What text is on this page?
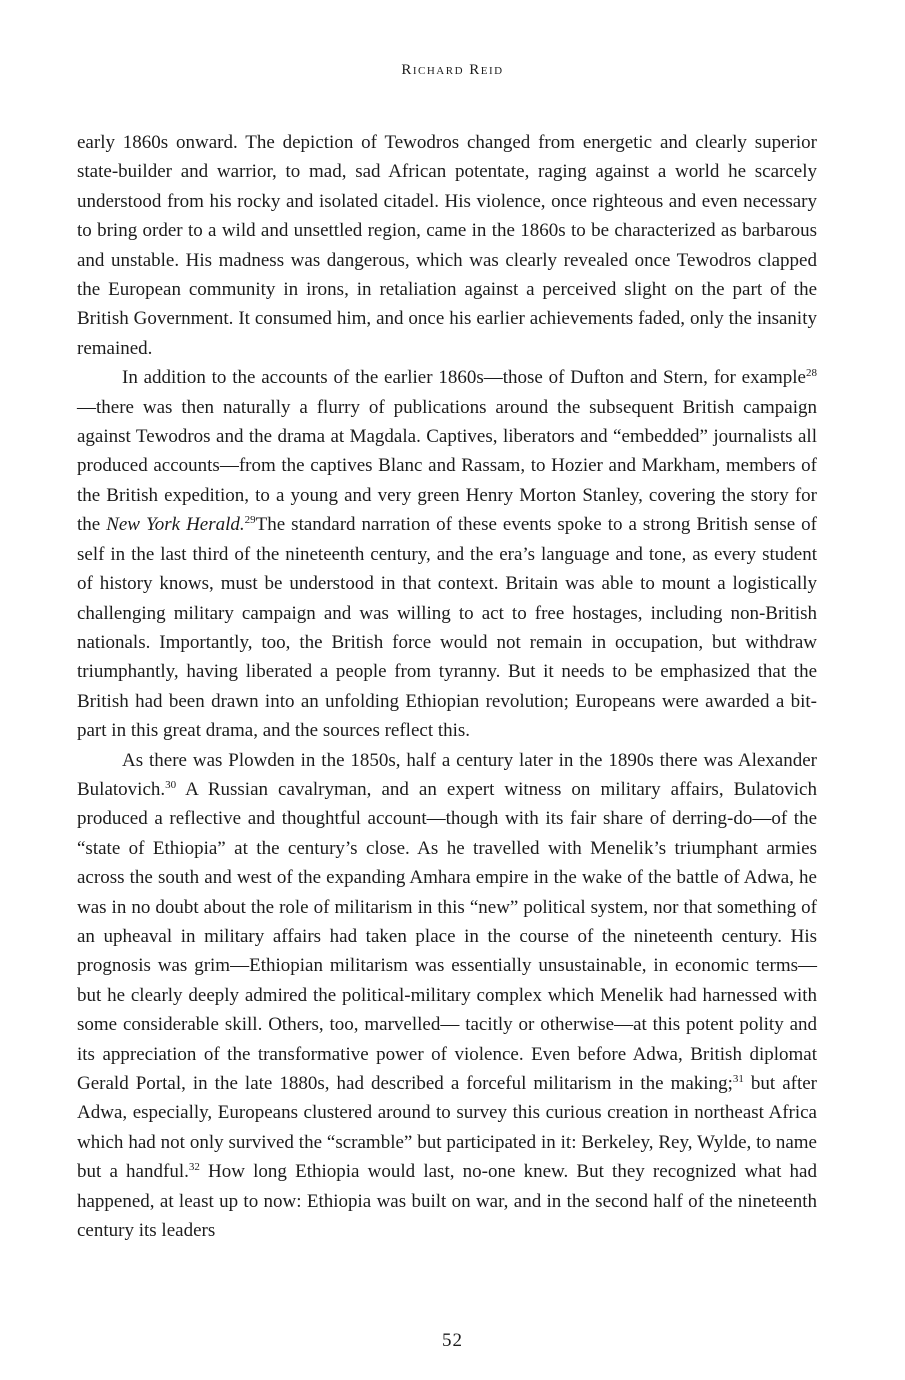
Richard Reid

early 1860s onward. The depiction of Tewodros changed from energetic and clearly superior state-builder and warrior, to mad, sad African potentate, raging against a world he scarcely understood from his rocky and isolated citadel. His violence, once righteous and even necessary to bring order to a wild and unsettled region, came in the 1860s to be characterized as barbarous and unstable. His madness was dangerous, which was clearly revealed once Tewodros clapped the European community in irons, in retaliation against a perceived slight on the part of the British Government. It consumed him, and once his earlier achievements faded, only the insanity remained.

In addition to the accounts of the earlier 1860s—those of Dufton and Stern, for example$^{28}$—there was then naturally a flurry of publications around the subsequent British campaign against Tewodros and the drama at Magdala. Captives, liberators and “embedded” journalists all produced accounts—from the captives Blanc and Rassam, to Hozier and Markham, members of the British expedition, to a young and very green Henry Morton Stanley, covering the story for the New York Herald.$^{29}$The standard narration of these events spoke to a strong British sense of self in the last third of the nineteenth century, and the era’s language and tone, as every student of history knows, must be understood in that context. Britain was able to mount a logistically challenging military campaign and was willing to act to free hostages, including non-British nationals. Importantly, too, the British force would not remain in occupation, but withdraw triumphantly, having liberated a people from tyranny. But it needs to be emphasized that the British had been drawn into an unfolding Ethiopian revolution; Europeans were awarded a bit-part in this great drama, and the sources reflect this.

As there was Plowden in the 1850s, half a century later in the 1890s there was Alexander Bulatovich.$^{30}$ A Russian cavalryman, and an expert witness on military affairs, Bulatovich produced a reflective and thoughtful account—though with its fair share of derring-do—of the “state of Ethiopia” at the century’s close. As he travelled with Menelik’s triumphant armies across the south and west of the expanding Amhara empire in the wake of the battle of Adwa, he was in no doubt about the role of militarism in this “new” political system, nor that something of an upheaval in military affairs had taken place in the course of the nineteenth century. His prognosis was grim—Ethiopian militarism was essentially unsustainable, in economic terms—but he clearly deeply admired the political-military complex which Menelik had harnessed with some considerable skill. Others, too, marvelled— tacitly or otherwise—at this potent polity and its appreciation of the transformative power of violence. Even before Adwa, British diplomat Gerald Portal, in the late 1880s, had described a forceful militarism in the making;$^{31}$ but after Adwa, especially, Europeans clustered around to survey this curious creation in northeast Africa which had not only survived the “scramble” but participated in it: Berkeley, Rey, Wylde, to name but a handful.$^{32}$ How long Ethiopia would last, no-one knew. But they recognized what had happened, at least up to now: Ethiopia was built on war, and in the second half of the nineteenth century its leaders

52
